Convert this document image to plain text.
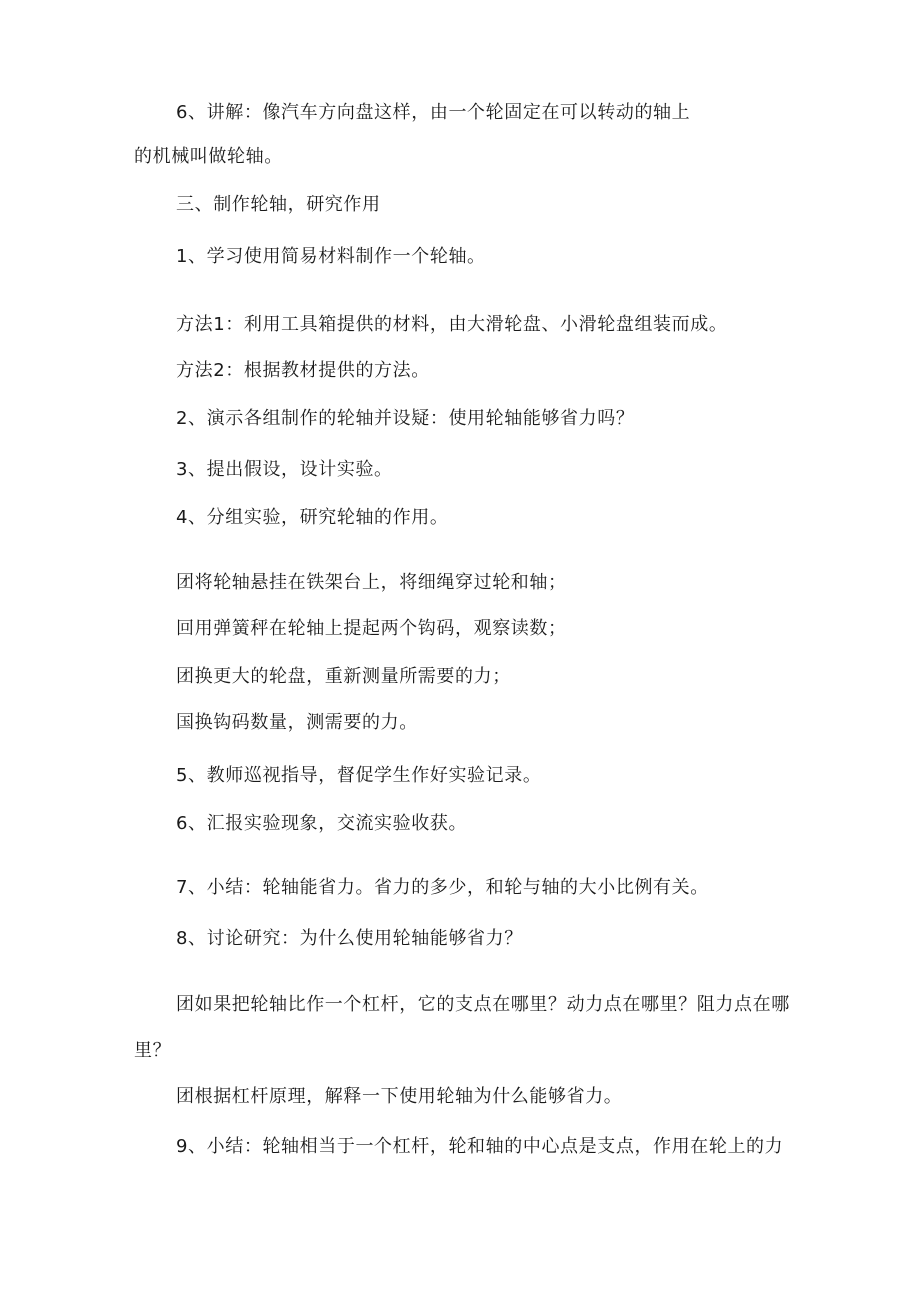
6、讲解：像汽车方向盘这样，由一个轮固定在可以转动的轴上
的机械叫做轮轴。
三、制作轮轴，研究作用
1、学习使用简易材料制作一个轮轴。
方法1：利用工具箱提供的材料，由大滑轮盘、小滑轮盘组装而成。
方法2：根据教材提供的方法。
2、演示各组制作的轮轴并设疑：使用轮轴能够省力吗？
3、提出假设，设计实验。
4、分组实验，研究轮轴的作用。
团将轮轴悬挂在铁架台上，将细绳穿过轮和轴；
回用弹簧秤在轮轴上提起两个钩码，观察读数；
团换更大的轮盘，重新测量所需要的力；
国换钩码数量，测需要的力。
5、教师巡视指导，督促学生作好实验记录。
6、汇报实验现象，交流实验收获。
7、小结：轮轴能省力。省力的多少，和轮与轴的大小比例有关。
8、讨论研究：为什么使用轮轴能够省力？
团如果把轮轴比作一个杠杆，它的支点在哪里？动力点在哪里？阻力点在哪
里？
团根据杠杆原理，解释一下使用轮轴为什么能够省力。
9、小结：轮轴相当于一个杠杆，轮和轴的中心点是支点，作用在轮上的力
